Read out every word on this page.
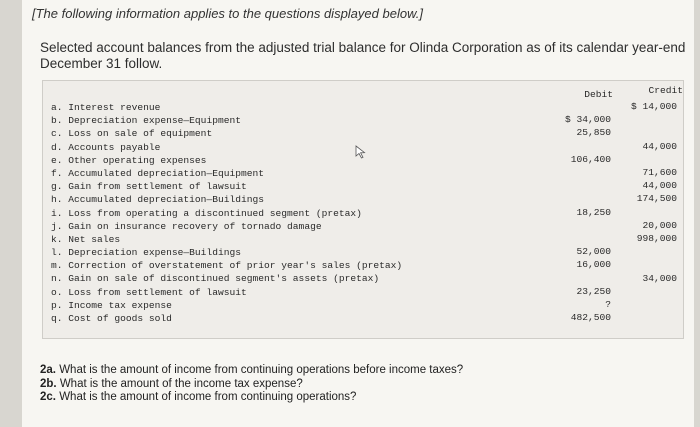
[The following information applies to the questions displayed below.]
Selected account balances from the adjusted trial balance for Olinda Corporation as of its calendar year-end December 31 follow.
Debit	Credit
a. Interest revenue
b. Depreciation expense—Equipment
c. Loss on sale of equipment
d. Accounts payable
e. Other operating expenses
f. Accumulated depreciation—Equipment
g. Gain from settlement of lawsuit
h. Accumulated depreciation—Buildings
i. Loss from operating a discontinued segment (pretax)
j. Gain on insurance recovery of tornado damage
k. Net sales
l. Depreciation expense—Buildings
m. Correction of overstatement of prior year's sales (pretax)
n. Gain on sale of discontinued segment's assets (pretax)
o. Loss from settlement of lawsuit
p. Income tax expense
q. Cost of goods sold
$ 14,000
$ 34,000
25,850
44,000
106,400
71,600
44,000
174,500
18,250
20,000
998,000
52,000
16,000
34,000
23,250
?
482,500
2a. What is the amount of income from continuing operations before income taxes?
2b. What is the amount of the income tax expense?
2c. What is the amount of income from continuing operations?
